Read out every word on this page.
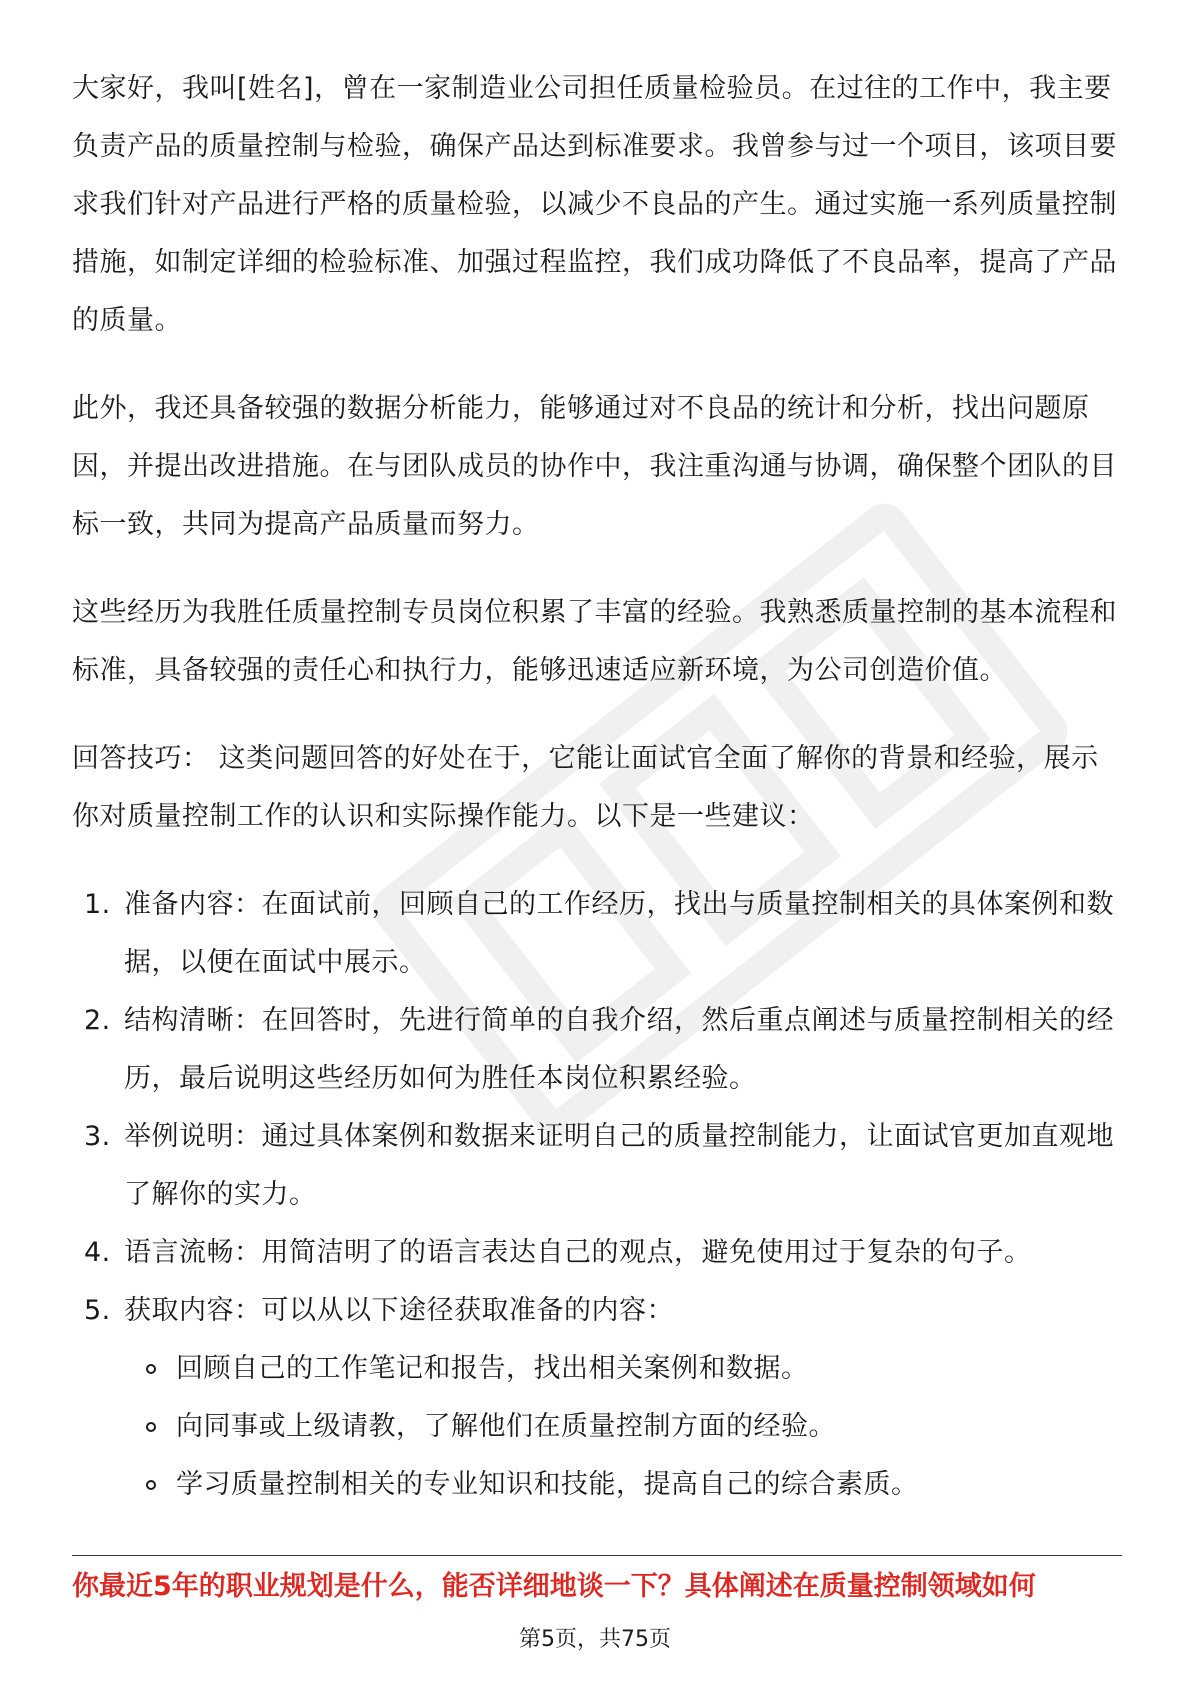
大家好，我叫[姓名]，曾在一家制造业公司担任质量检验员。在过往的工作中，我主要负责产品的质量控制与检验，确保产品达到标准要求。我曾参与过一个项目，该项目要求我们针对产品进行严格的质量检验，以减少不良品的产生。通过实施一系列质量控制措施，如制定详细的检验标准、加强过程监控，我们成功降低了不良品率，提高了产品的质量。

此外，我还具备较强的数据分析能力，能够通过对不良品的统计和分析，找出问题原因，并提出改进措施。在与团队成员的协作中，我注重沟通与协调，确保整个团队的目标一致，共同为提高产品质量而努力。

这些经历为我胜任质量控制专员岗位积累了丰富的经验。我熟悉质量控制的基本流程和标准，具备较强的责任心和执行力，能够迅速适应新环境，为公司创造价值。

回答技巧： 这类问题回答的好处在于，它能让面试官全面了解你的背景和经验，展示你对质量控制工作的认识和实际操作能力。以下是一些建议：

1. 准备内容：在面试前，回顾自己的工作经历，找出与质量控制相关的具体案例和数据，以便在面试中展示。
2. 结构清晰：在回答时，先进行简单的自我介绍，然后重点阐述与质量控制相关的经历，最后说明这些经历如何为胜任本岗位积累经验。
3. 举例说明：通过具体案例和数据来证明自己的质量控制能力，让面试官更加直观地了解你的实力。
4. 语言流畅：用简洁明了的语言表达自己的观点，避免使用过于复杂的句子。
5. 获取内容：可以从以下途径获取准备的内容：
回顾自己的工作笔记和报告，找出相关案例和数据。
向同事或上级请教，了解他们在质量控制方面的经验。
学习质量控制相关的专业知识和技能，提高自己的综合素质。
你最近5年的职业规划是什么，能否详细地谈一下？具体阐述在质量控制领域如何
第5页，共75页
